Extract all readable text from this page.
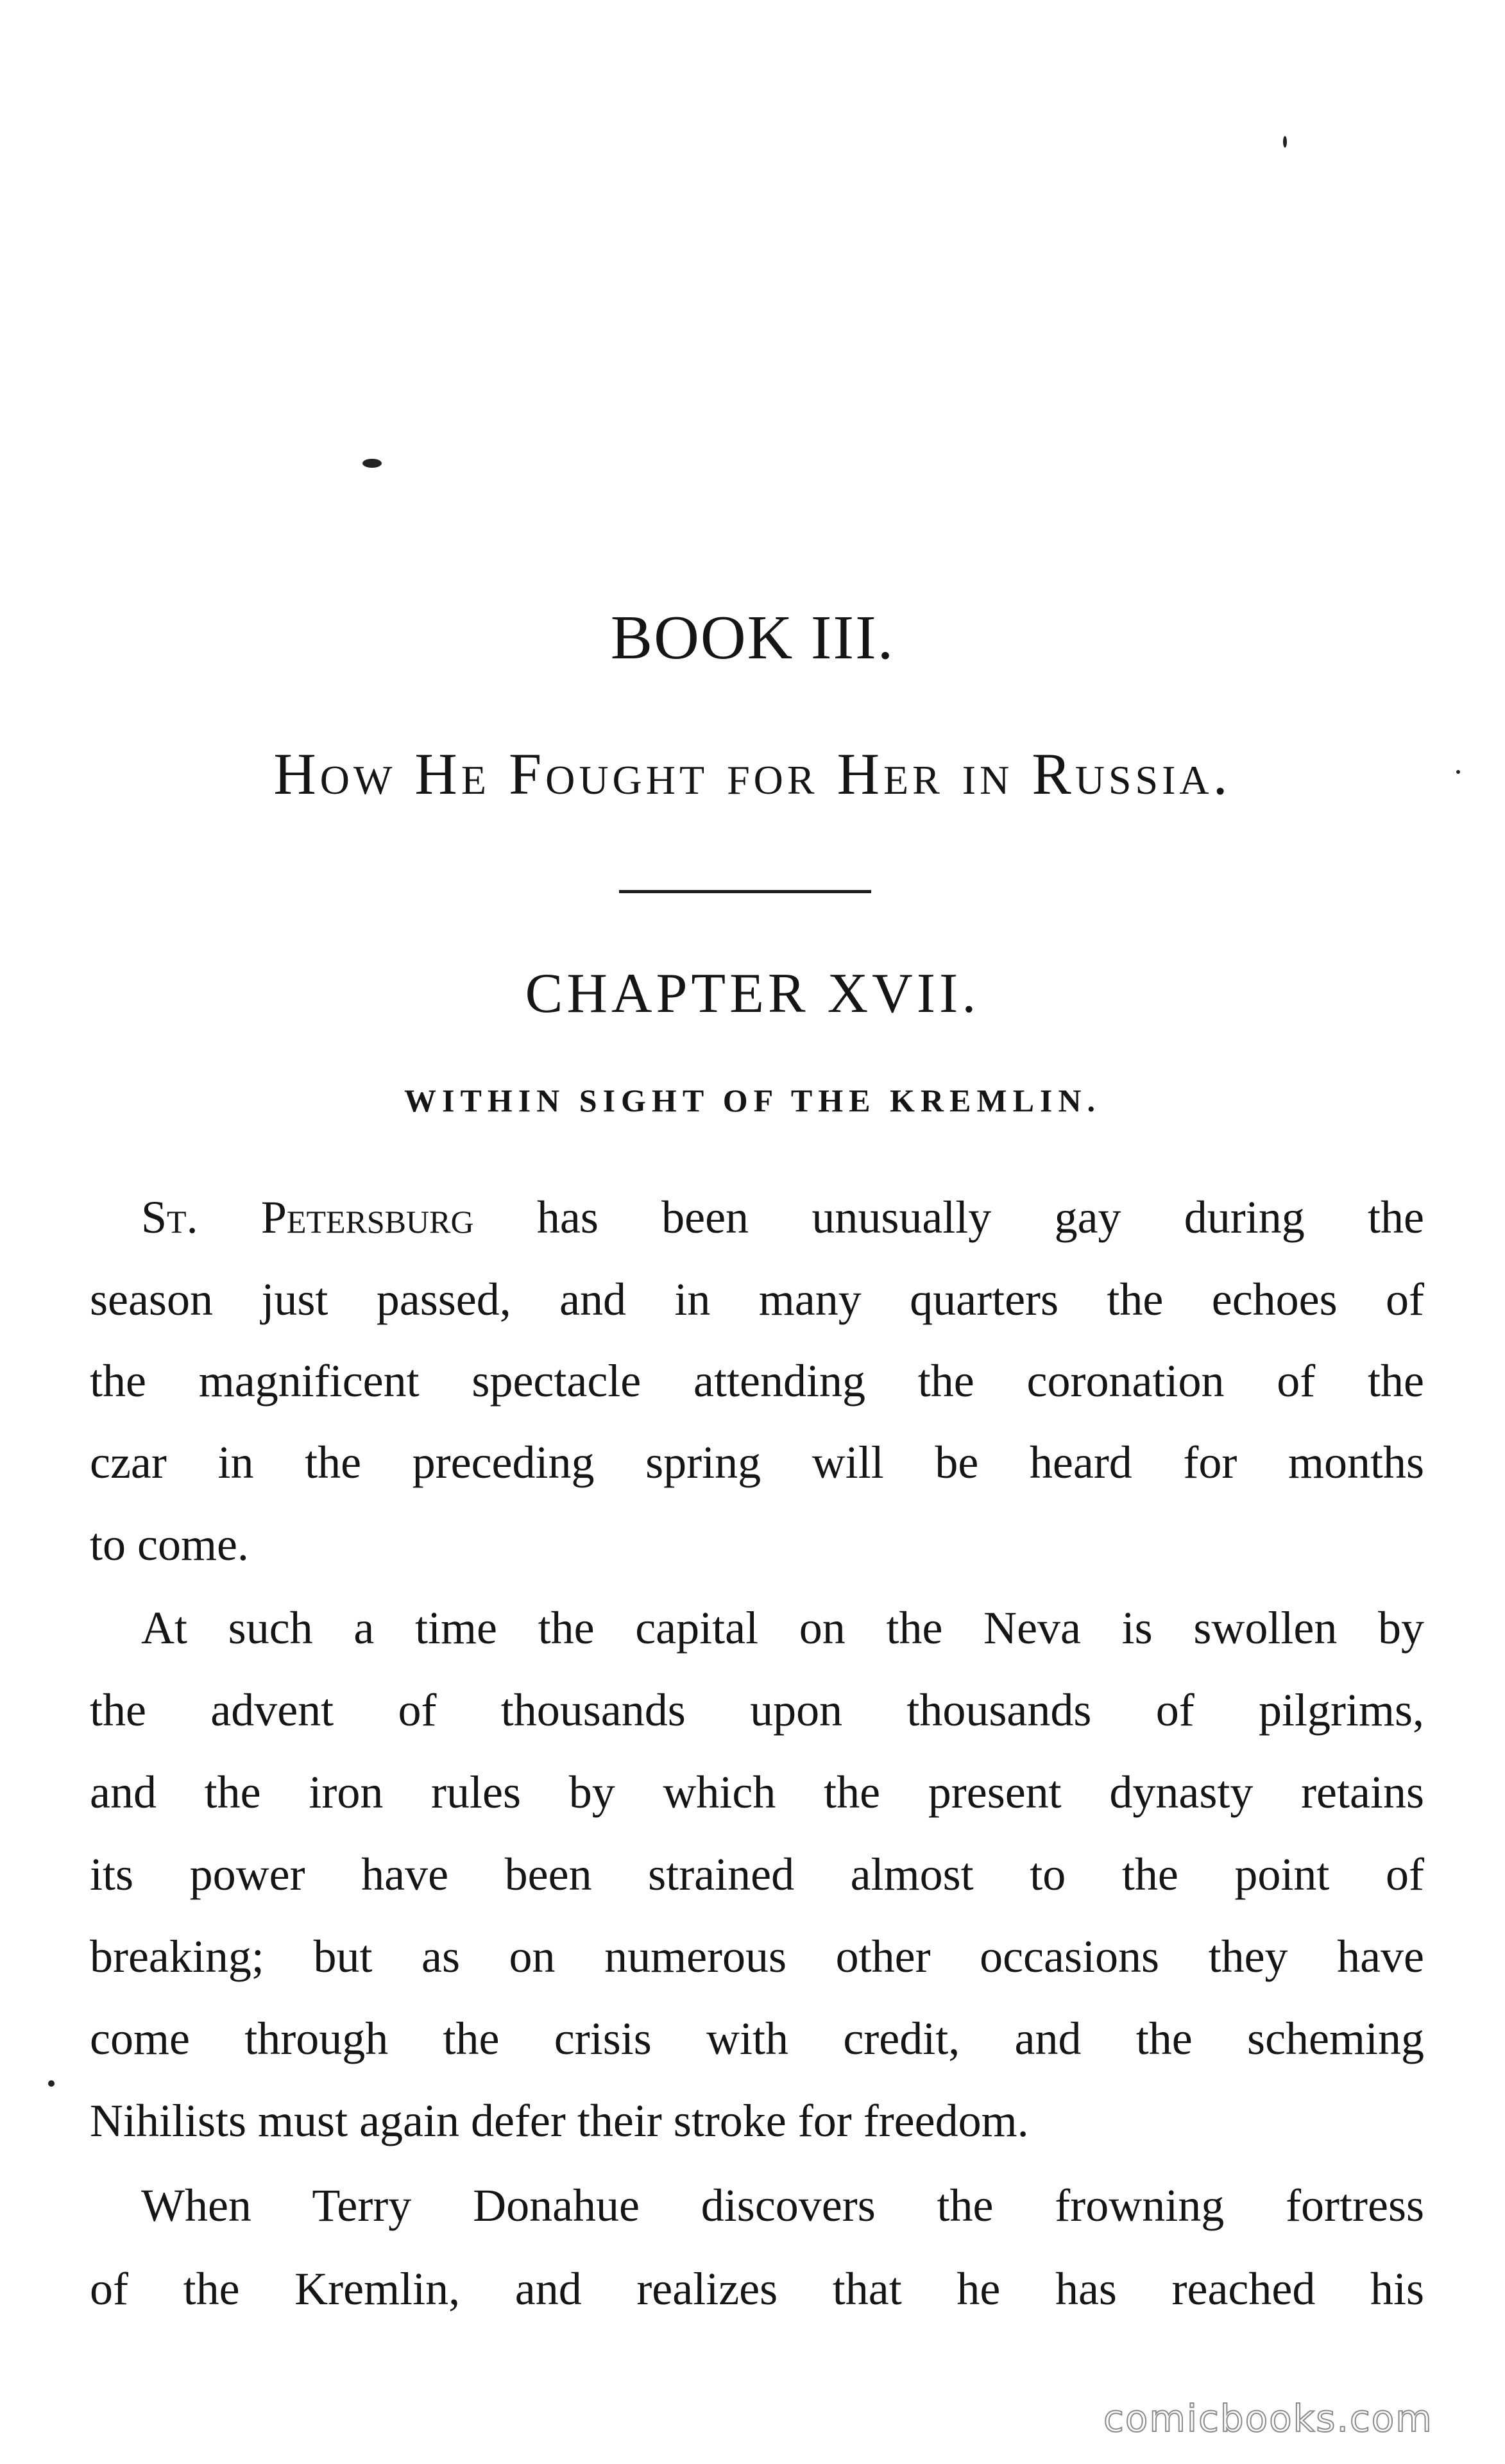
BOOK III.
How He Fought for Her in Russia.
CHAPTER XVII.
WITHIN SIGHT OF THE KREMLIN.
St. Petersburg has been unusually gay during the
season just passed, and in many quarters the echoes of
the magnificent spectacle attending the coronation of the
czar in the preceding spring will be heard for months
to come.
At such a time the capital on the Neva is swollen by
the advent of thousands upon thousands of pilgrims,
and the iron rules by which the present dynasty retains
its power have been strained almost to the point of
breaking; but as on numerous other occasions they have
come through the crisis with credit, and the scheming
Nihilists must again defer their stroke for freedom.
When Terry Donahue discovers the frowning fortress
of the Kremlin, and realizes that he has reached his
comicbooks.com
